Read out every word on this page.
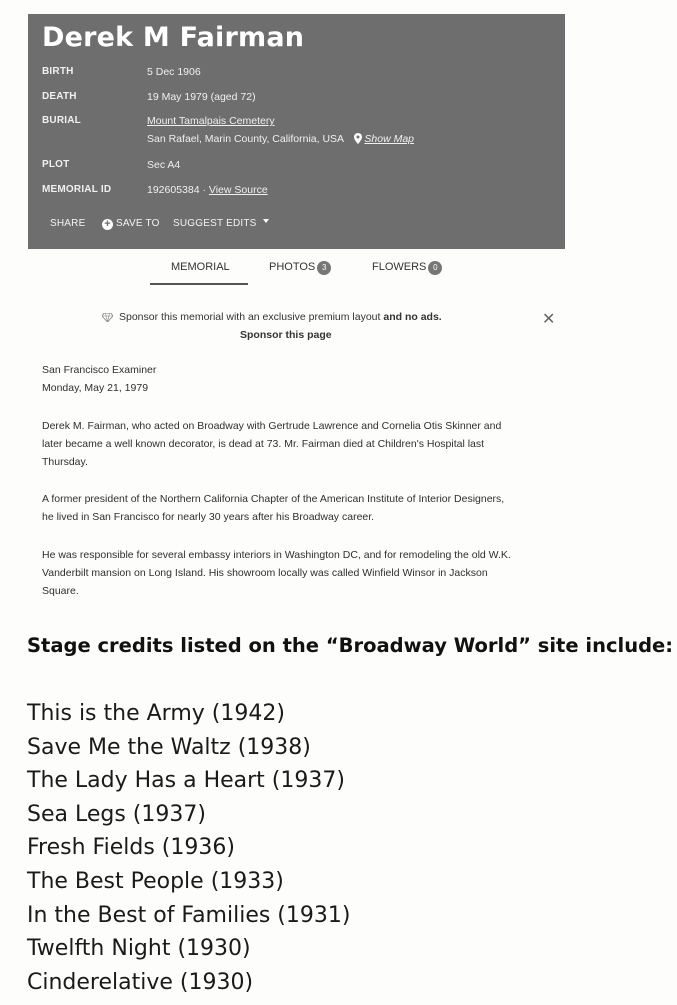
Derek M Fairman
BIRTH	5 Dec 1906
DEATH	19 May 1979 (aged 72)
BURIAL	Mount Tamalpais Cemetery
San Rafael, Marin County, California, USA Show Map
PLOT	Sec A4
MEMORIAL ID	192605384 · View Source
SHARE + SAVE TO SUGGEST EDITS
MEMORIAL	PHOTOS 3	FLOWERS 0
Sponsor this memorial with an exclusive premium layout and no ads.
Sponsor this page
✕

San Francisco Examiner

Monday, May 21, 1979

Derek M. Fairman, who acted on Broadway with Gertrude Lawrence and Cornelia Otis Skinner and

later became a well known decorator, is dead at 73. Mr. Fairman died at Children's Hospital last

Thursday.

A former president of the Northern California Chapter of the American Institute of Interior Designers,

he lived in San Francisco for nearly 30 years after his Broadway career.

He was responsible for several embassy interiors in Washington DC, and for remodeling the old W.K.

Vanderbilt mansion on Long Island. His showroom locally was called Winfield Winsor in Jackson

Square.

Stage credits listed on the “Broadway World” site include:
This is the Army (1942)
Save Me the Waltz (1938)
The Lady Has a Heart (1937)
Sea Legs (1937)
Fresh Fields (1936)
The Best People (1933)
In the Best of Families (1931)
Twelfth Night (1930)
Cinderelative (1930)
